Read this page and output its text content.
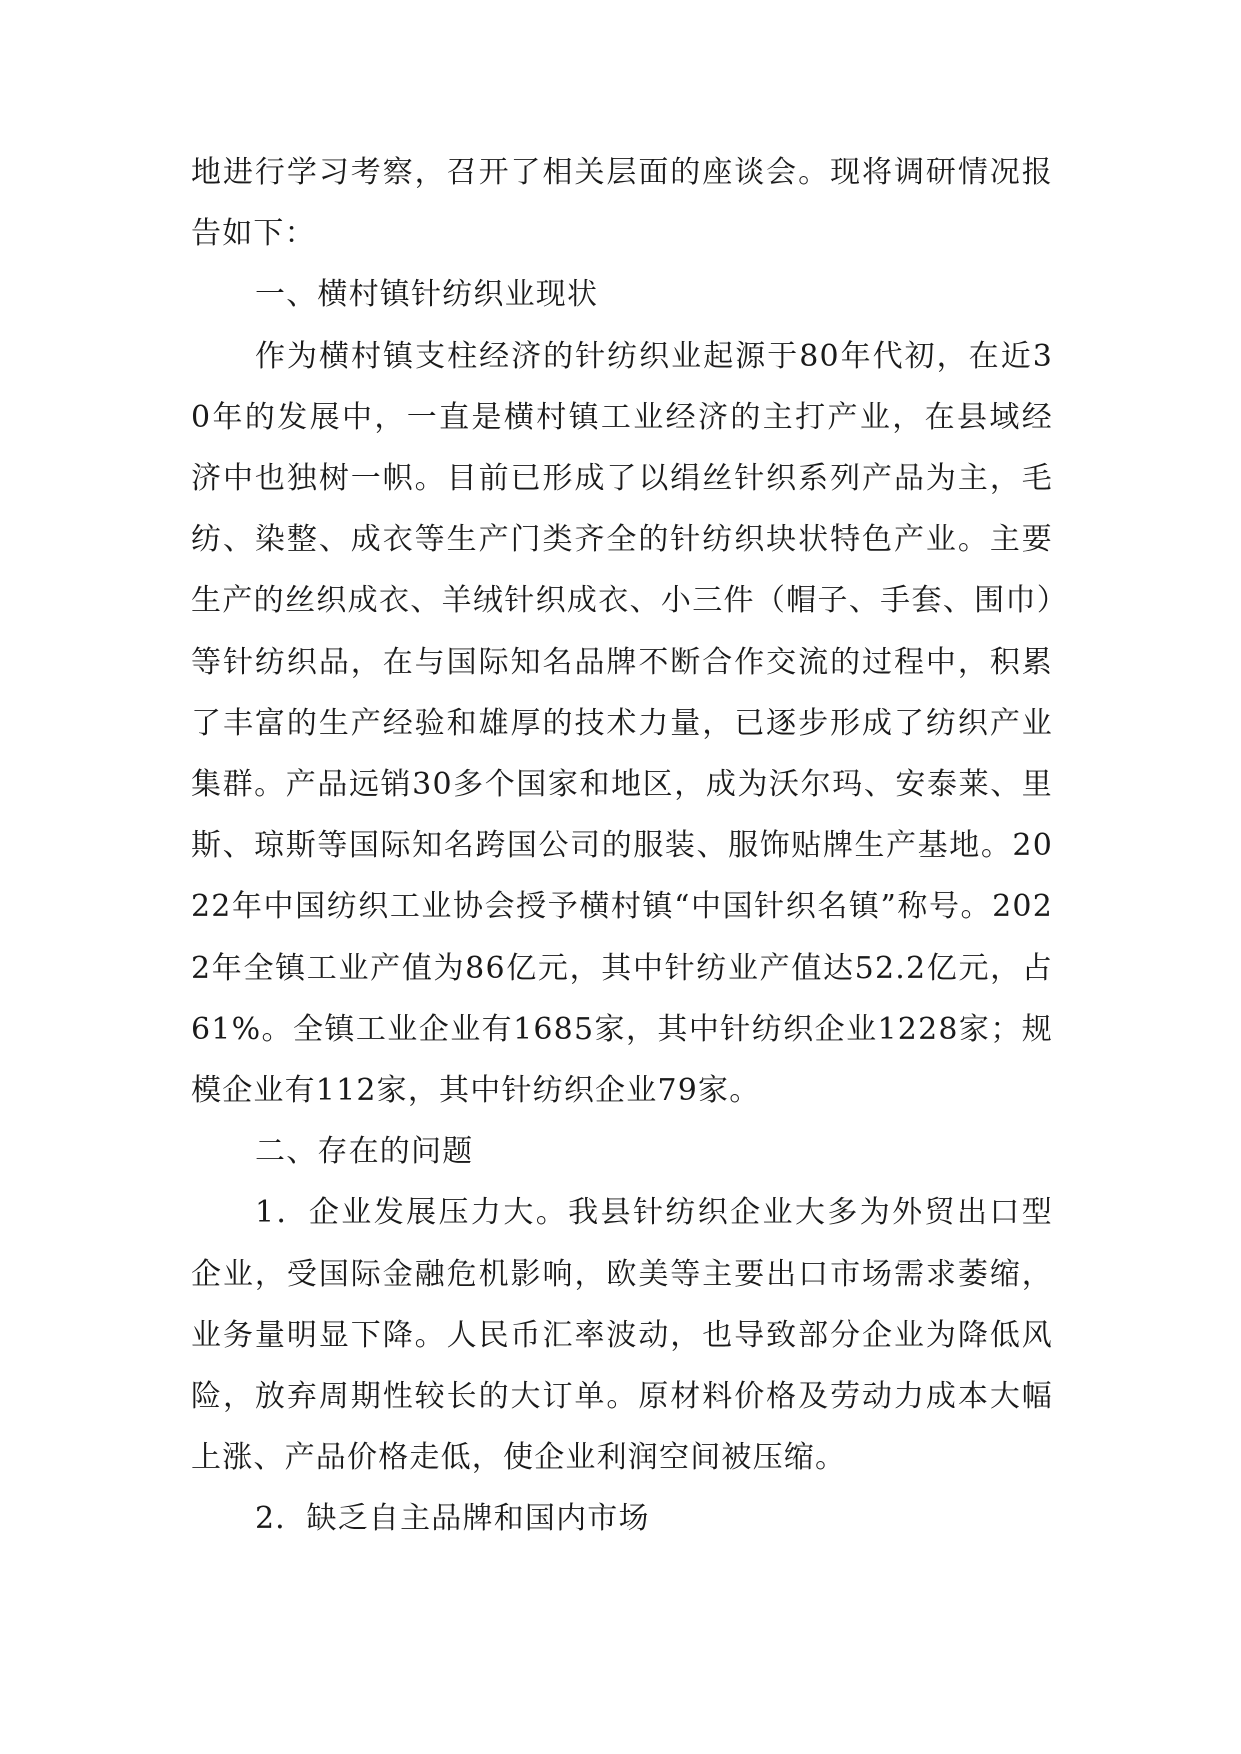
地进行学习考察，召开了相关层面的座谈会。现将调研情况报告如下：

一、横村镇针纺织业现状

作为横村镇支柱经济的针纺织业起源于80年代初，在近30年的发展中，一直是横村镇工业经济的主打产业，在县域经济中也独树一帜。目前已形成了以绢丝针织系列产品为主，毛纺、染整、成衣等生产门类齐全的针纺织块状特色产业。主要生产的丝织成衣、羊绒针织成衣、小三件（帽子、手套、围巾）等针纺织品，在与国际知名品牌不断合作交流的过程中，积累了丰富的生产经验和雄厚的技术力量，已逐步形成了纺织产业集群。产品远销30多个国家和地区，成为沃尔玛、安泰莱、里斯、琼斯等国际知名跨国公司的服装、服饰贴牌生产基地。2022年中国纺织工业协会授予横村镇“中国针织名镇”称号。2022年全镇工业产值为86亿元，其中针纺业产值达52.2亿元，占61%。全镇工业企业有1685家，其中针纺织企业1228家；规模企业有112家，其中针纺织企业79家。

二、存在的问题

1．企业发展压力大。我县针纺织企业大多为外贸出口型企业，受国际金融危机影响，欧美等主要出口市场需求萎缩，业务量明显下降。人民币汇率波动，也导致部分企业为降低风险，放弃周期性较长的大订单。原材料价格及劳动力成本大幅上涨、产品价格走低，使企业利润空间被压缩。

2．缺乏自主品牌和国内市场
